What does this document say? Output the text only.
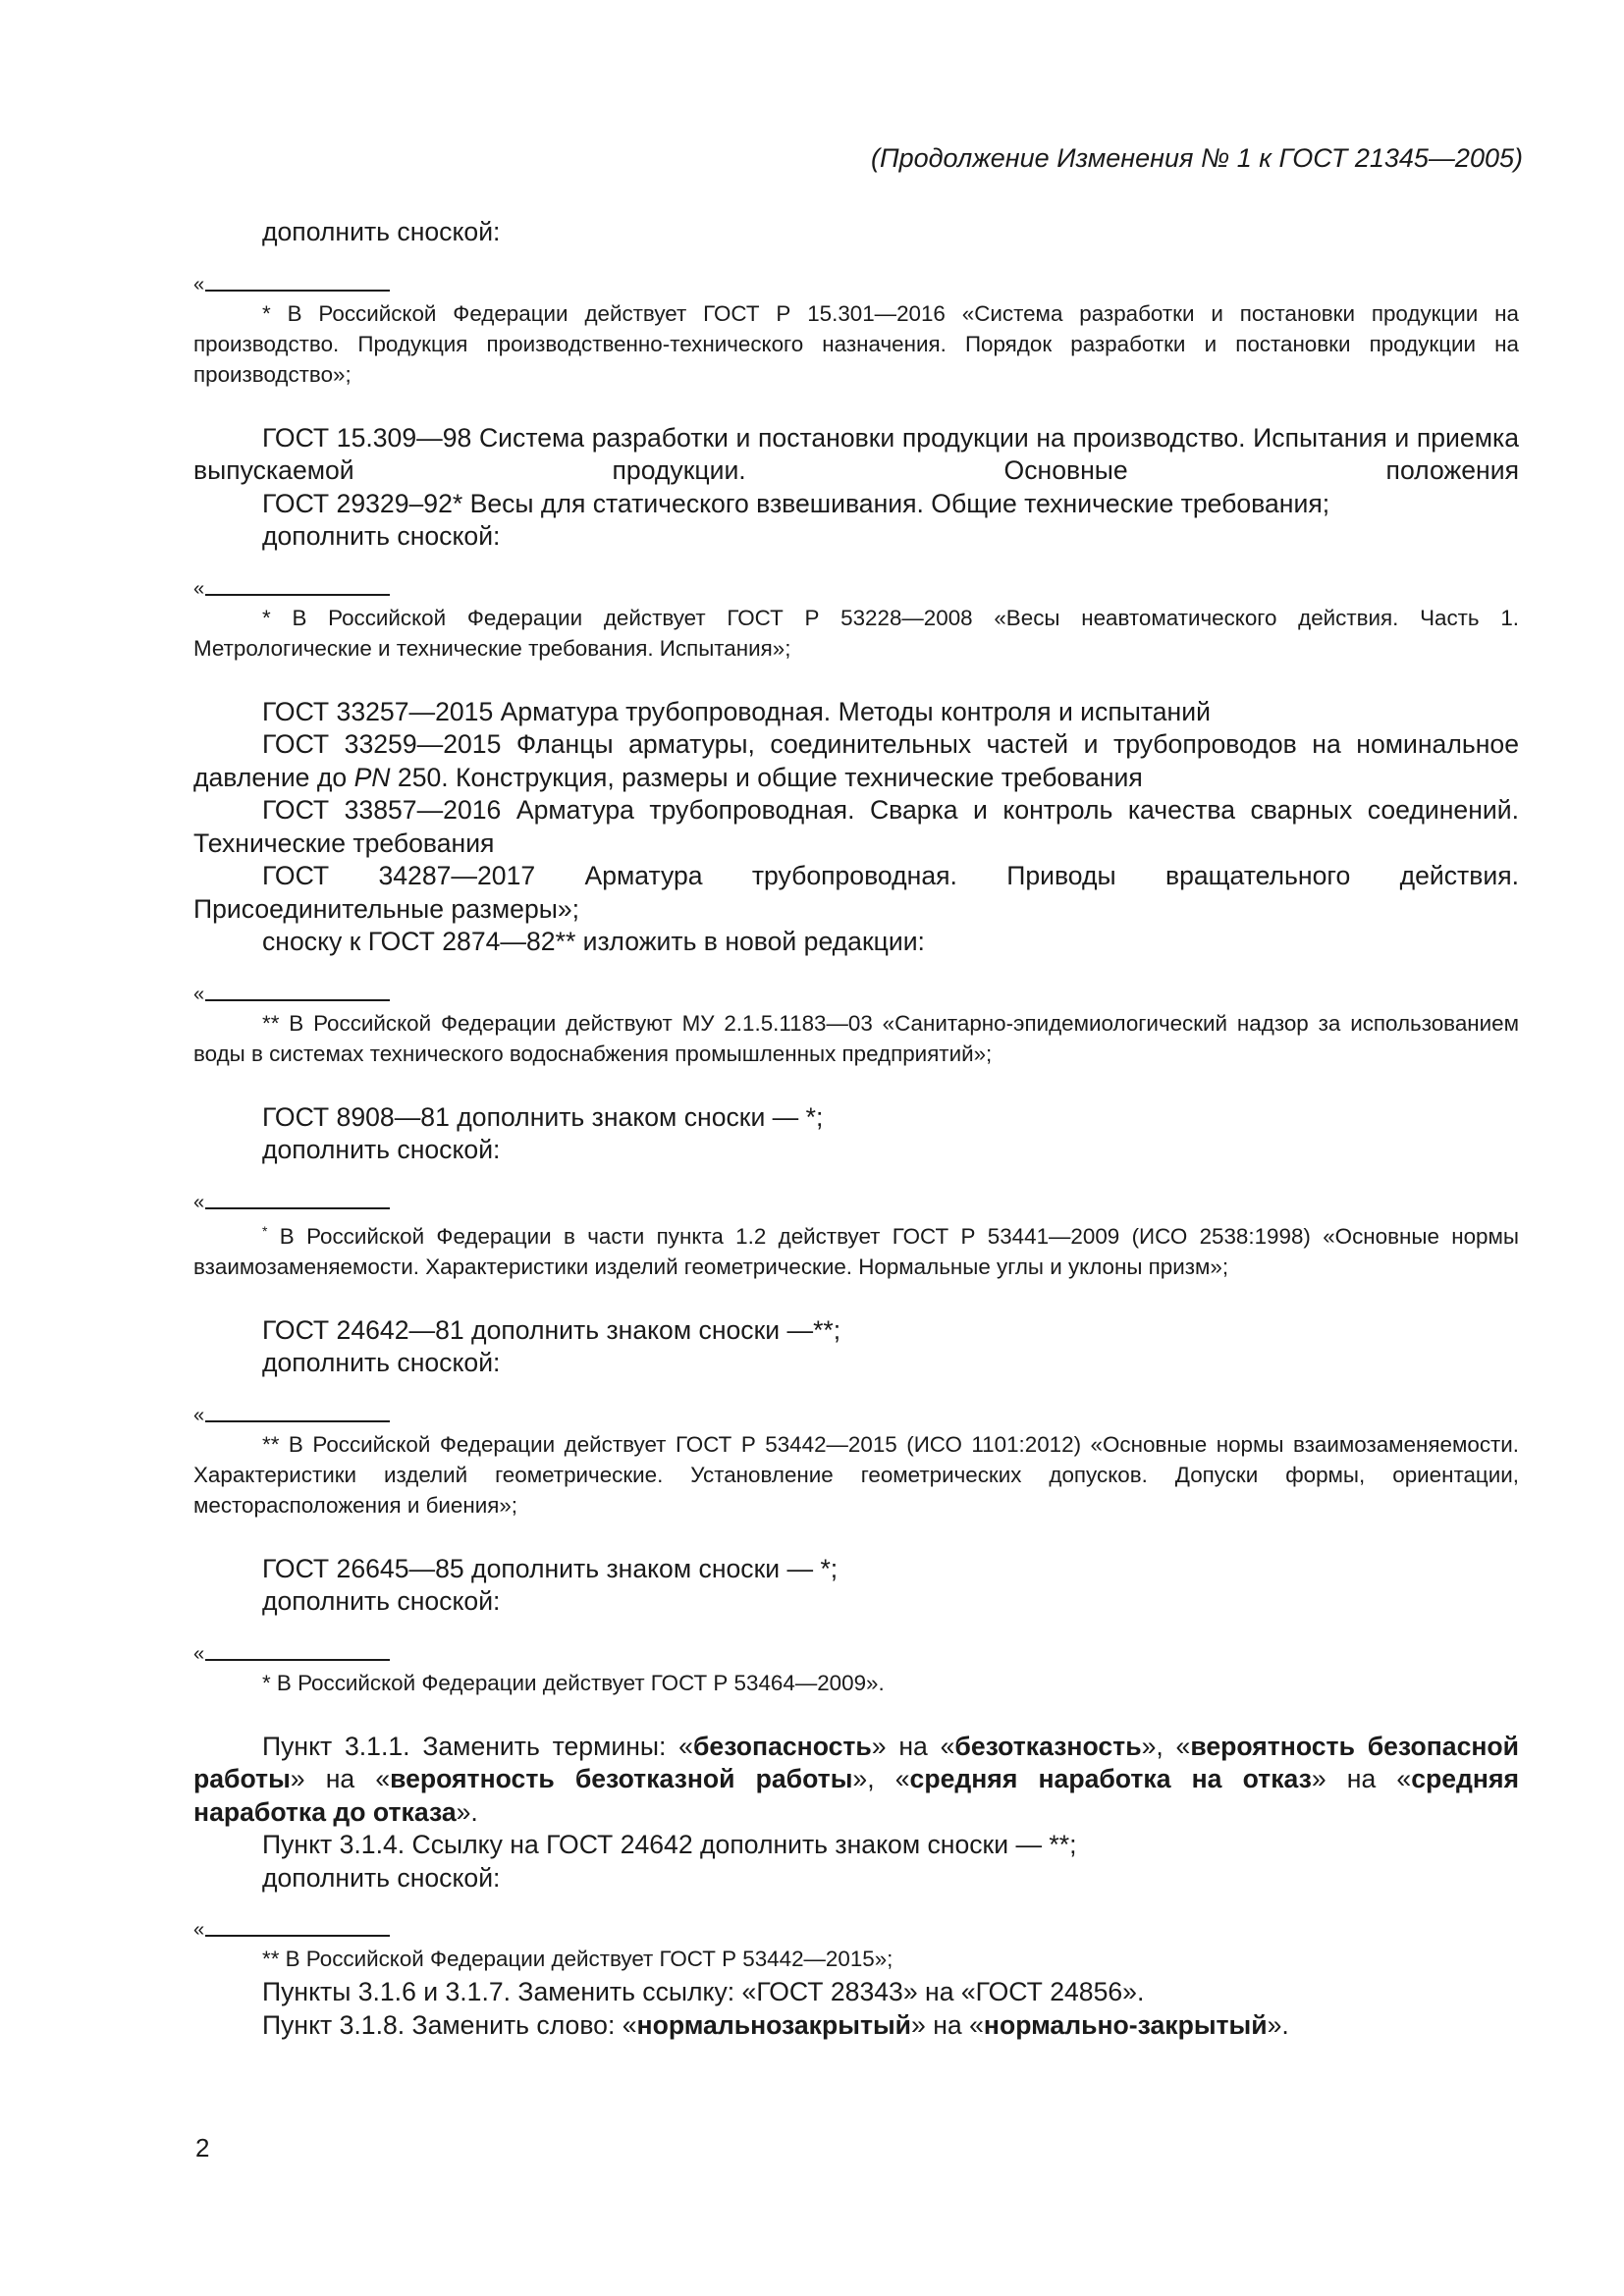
(Продолжение Изменения № 1 к ГОСТ 21345—2005)

дополнить сноской:

«

* В Российской Федерации действует ГОСТ Р 15.301—2016 «Система разработки и постановки продукции на производство. Продукция производственно-технического назначения. Порядок разработки и постановки продукции на производство»;

ГОСТ 15.309—98 Система разработки и постановки продукции на производство. Испытания и приемка выпускаемой продукции. Основные положения

ГОСТ 29329–92* Весы для статического взвешивания. Общие технические требования;

дополнить сноской:

«

* В Российской Федерации действует ГОСТ Р 53228—2008 «Весы неавтоматического действия. Часть 1. Метрологические и технические требования. Испытания»;

ГОСТ 33257—2015 Арматура трубопроводная. Методы контроля и испытаний

ГОСТ 33259—2015 Фланцы арматуры, соединительных частей и трубопроводов на номинальное давление до PN 250. Конструкция, размеры и общие технические требования

ГОСТ 33857—2016 Арматура трубопроводная. Сварка и контроль качества сварных соединений. Технические требования

ГОСТ 34287—2017 Арматура трубопроводная. Приводы вращательного действия. Присоединительные размеры»;

сноску к ГОСТ 2874—82** изложить в новой редакции:

«

** В Российской Федерации действуют МУ 2.1.5.1183—03 «Санитарно-эпидемиологический надзор за использованием воды в системах технического водоснабжения промышленных предприятий»;

ГОСТ 8908—81 дополнить знаком сноски — *;

дополнить сноской:

«

* В Российской Федерации в части пункта 1.2 действует ГОСТ Р 53441—2009 (ИСО 2538:1998) «Основные нормы взаимозаменяемости. Характеристики изделий геометрические. Нормальные углы и уклоны призм»;

ГОСТ 24642—81 дополнить знаком сноски —**;

дополнить сноской:

«

** В Российской Федерации действует ГОСТ Р 53442—2015 (ИСО 1101:2012) «Основные нормы взаимозаменяемости. Характеристики изделий геометрические. Установление геометрических допусков. Допуски формы, ориентации, месторасположения и биения»;

ГОСТ 26645—85 дополнить знаком сноски — *;

дополнить сноской:

«

* В Российской Федерации действует ГОСТ Р 53464—2009».

Пункт 3.1.1. Заменить термины: «безопасность» на «безотказность», «вероятность безопасной работы» на «вероятность безотказной работы», «средняя наработка на отказ» на «средняя наработка до отказа».

Пункт 3.1.4. Ссылку на ГОСТ 24642 дополнить знаком сноски — **;

дополнить сноской:

«

** В Российской Федерации действует ГОСТ Р 53442—2015»;

Пункты 3.1.6 и 3.1.7. Заменить ссылку: «ГОСТ 28343» на «ГОСТ 24856».

Пункт 3.1.8. Заменить слово: «нормальнозакрытый» на «нормально-закрытый».

2
